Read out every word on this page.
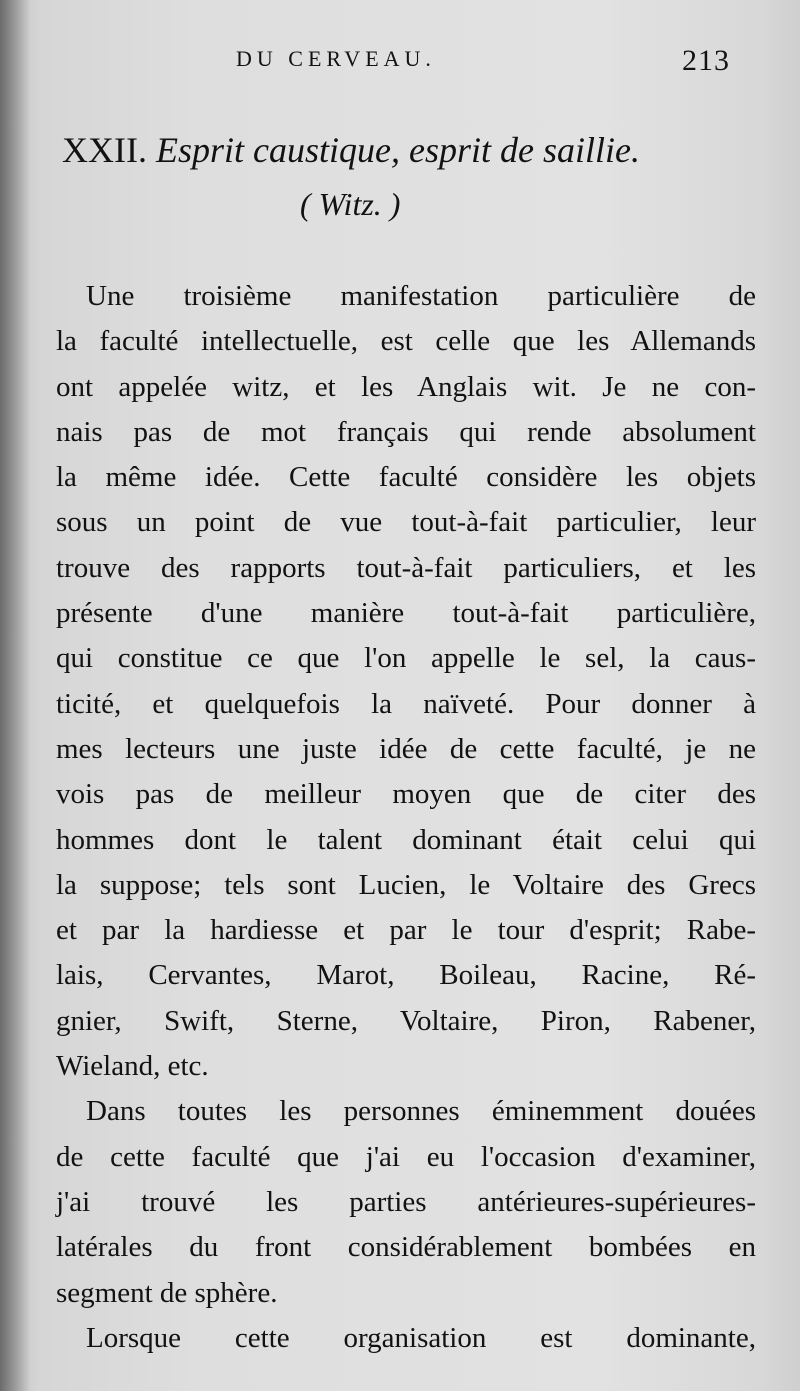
DU CERVEAU.	213
XXII. Esprit caustique, esprit de saillie.
( Witz. )
Une troisième manifestation particulière de
la faculté intellectuelle, est celle que les Allemands
ont appelée witz, et les Anglais wit. Je ne con-
nais pas de mot français qui rende absolument
la même idée. Cette faculté considère les objets
sous un point de vue tout-à-fait particulier, leur
trouve des rapports tout-à-fait particuliers, et les
présente d'une manière tout-à-fait particulière,
qui constitue ce que l'on appelle le sel, la caus-
ticité, et quelquefois la naïveté. Pour donner à
mes lecteurs une juste idée de cette faculté, je ne
vois pas de meilleur moyen que de citer des
hommes dont le talent dominant était celui qui
la suppose; tels sont Lucien, le Voltaire des Grecs
et par la hardiesse et par le tour d'esprit; Rabe-
lais, Cervantes, Marot, Boileau, Racine, Ré-
gnier, Swift, Sterne, Voltaire, Piron, Rabener,
Wieland, etc.
Dans toutes les personnes éminemment douées
de cette faculté que j'ai eu l'occasion d'examiner,
j'ai trouvé les parties antérieures-supérieures-
latérales du front considérablement bombées en
segment de sphère.
Lorsque cette organisation est dominante,
